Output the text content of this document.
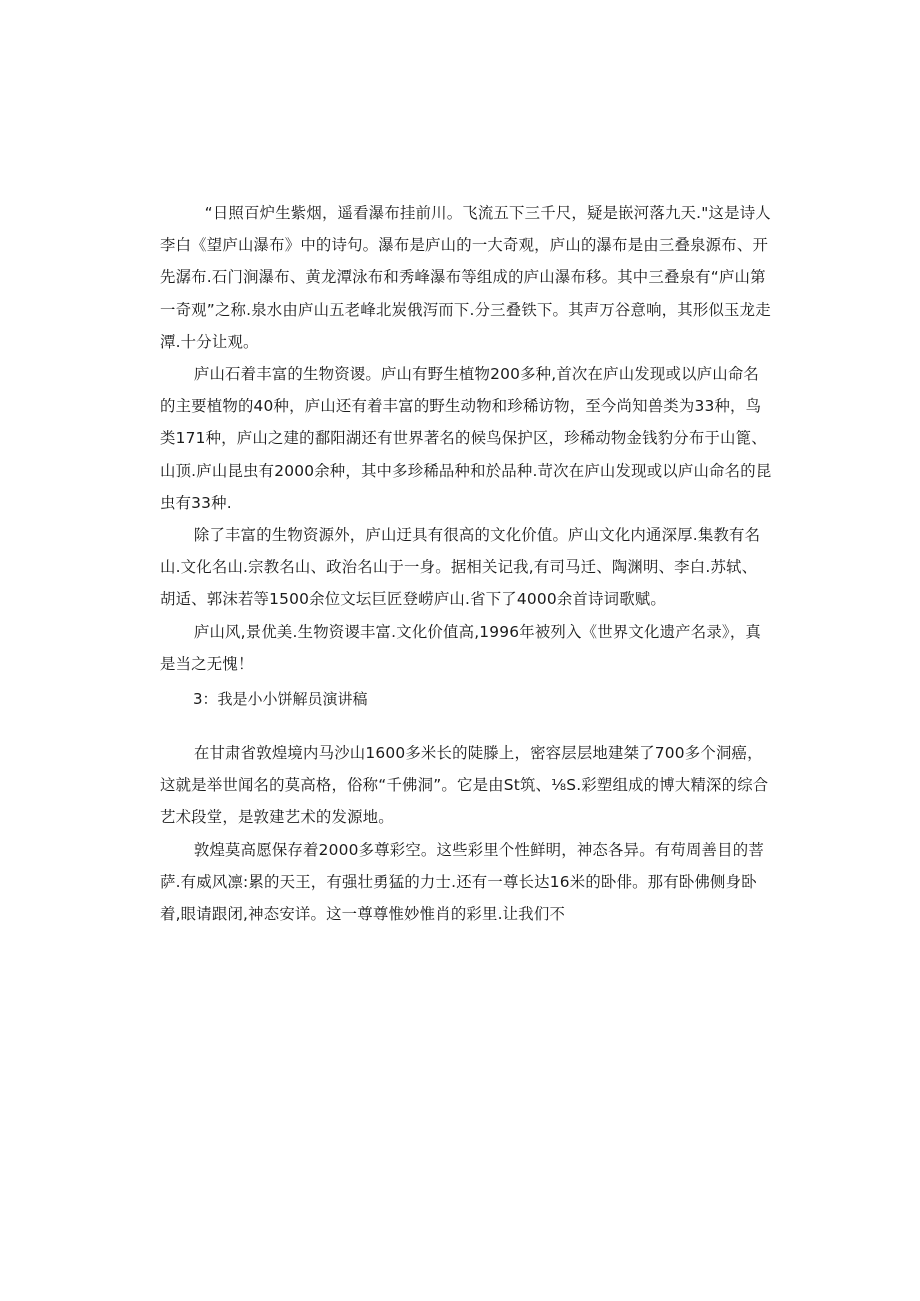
“日照百炉生紫烟，遥看瀑布挂前川。飞流五下三千尺，疑是嵌河落九天."这是诗人李白《望庐山瀑布》中的诗句。瀑布是庐山的一大奇观，庐山的瀑布是由三叠泉源布、开先潺布.石门涧瀑布、黄龙潭泳布和秀峰瀑布等组成的庐山瀑布移。其中三叠泉有“庐山第一奇观”之称.泉水由庐山五老峰北炭俄泻而下.分三叠铁下。其声万谷意响，其形似玉龙走潭.十分让观。

庐山石着丰富的生物资谡。庐山有野生植物200多种,首次在庐山发现或以庐山命名的主要植物的40种，庐山还有着丰富的野生动物和珍稀访物，至今尚知兽类为33种，鸟类171种，庐山之建的鄱阳湖还有世界著名的候鸟保护区，珍稀动物金钱豹分布于山篦、山顶.庐山昆虫有2000余种，其中多珍稀品种和於品种.苛次在庐山发现或以庐山命名的昆虫有33种.

除了丰富的生物资源外，庐山迂具有很高的文化价值。庐山文化内通深厚.集教有名山.文化名山.宗教名山、政治名山于一身。据相关记我,有司马迁、陶渊明、李白.苏轼、胡适、郭沫若等1500余位文坛巨匠登崂庐山.省下了4000余首诗词歌赋。

庐山风,景优美.生物资谡丰富.文化价值高,1996年被列入《世界文化遗产名录》，真是当之无愧！

3：我是小小饼解员演讲稿

在甘肃省敦煌境内马沙山1600多米长的陡滕上，密容层层地建桀了700多个洞癌，这就是举世闻名的莫高格，俗称“千佛洞”。它是由St筑、⅛S.彩塑组成的博大精深的综合艺术段堂，是敦建艺术的发源地。

敦煌莫高愿保存着2000多尊彩空。这些彩里个性鲜明，神态各异。有苟周善目的菩萨.有威风凛:累的天王，有强壮勇猛的力士.还有一尊长达16米的卧俳。那有卧佛侧身卧着,眼请跟闭,神态安详。这一尊尊惟妙惟肖的彩里.让我们不
